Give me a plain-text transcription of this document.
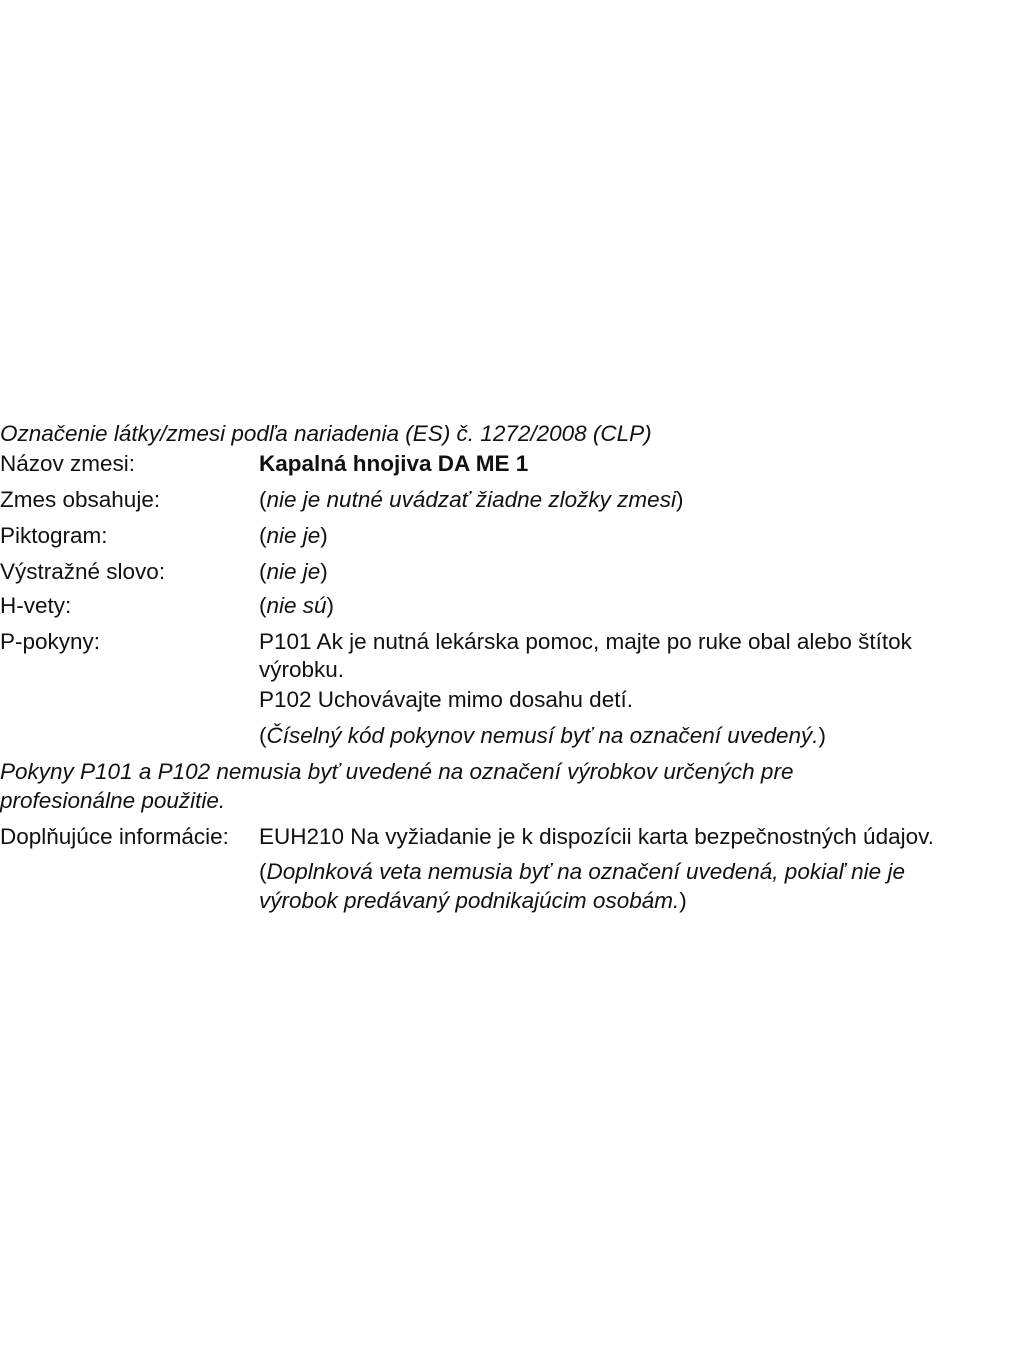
Označenie látky/zmesi podľa nariadenia (ES) č. 1272/2008 (CLP)
Názov zmesi:	Kapalná hnojiva DA ME 1
Zmes obsahuje:	(nie je nutné uvádzať žiadne zložky zmesi)
Piktogram:	(nie je)
Výstražné slovo:	(nie je)
H-vety:	(nie sú)
P-pokyny:	P101 Ak je nutná lekárska pomoc, majte po ruke obal alebo štítok
výrobku.
P102 Uchovávajte mimo dosahu detí.
(Číselný kód pokynov nemusí byť na označení uvedený.)
Pokyny P101 a P102 nemusia byť uvedené na označení výrobkov určených pre
profesionálne použitie.
Doplňujúce informácie: EUH210 Na vyžiadanie je k dispozícii karta bezpečnostných údajov.
(Doplnková veta nemusia byť na označení uvedená, pokiaľ nie je
výrobok predávaný podnikajúcim osobám.)
